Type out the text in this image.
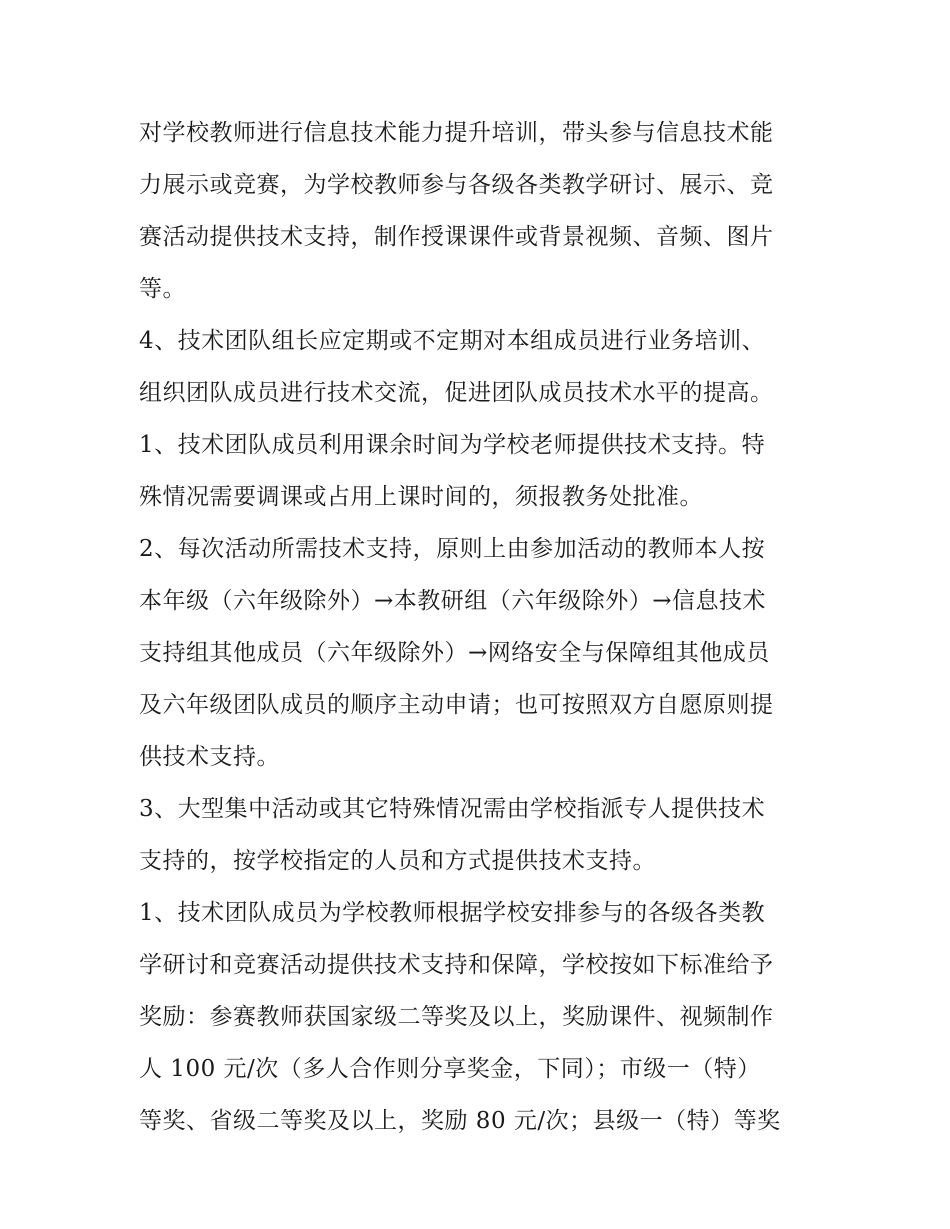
对学校教师进行信息技术能力提升培训，带头参与信息技术能
力展示或竞赛，为学校教师参与各级各类教学研讨、展示、竞
赛活动提供技术支持，制作授课课件或背景视频、音频、图片
等。
4、技术团队组长应定期或不定期对本组成员进行业务培训、
组织团队成员进行技术交流，促进团队成员技术水平的提高。
1、技术团队成员利用课余时间为学校老师提供技术支持。特
殊情况需要调课或占用上课时间的，须报教务处批准。
2、每次活动所需技术支持，原则上由参加活动的教师本人按
本年级（六年级除外）→本教研组（六年级除外）→信息技术
支持组其他成员（六年级除外）→网络安全与保障组其他成员
及六年级团队成员的顺序主动申请；也可按照双方自愿原则提
供技术支持。
3、大型集中活动或其它特殊情况需由学校指派专人提供技术
支持的，按学校指定的人员和方式提供技术支持。
1、技术团队成员为学校教师根据学校安排参与的各级各类教
学研讨和竞赛活动提供技术支持和保障，学校按如下标准给予
奖励：参赛教师获国家级二等奖及以上，奖励课件、视频制作
人 100 元/次（多人合作则分享奖金，下同）；市级一（特）
等奖、省级二等奖及以上，奖励 80 元/次；县级一（特）等奖
